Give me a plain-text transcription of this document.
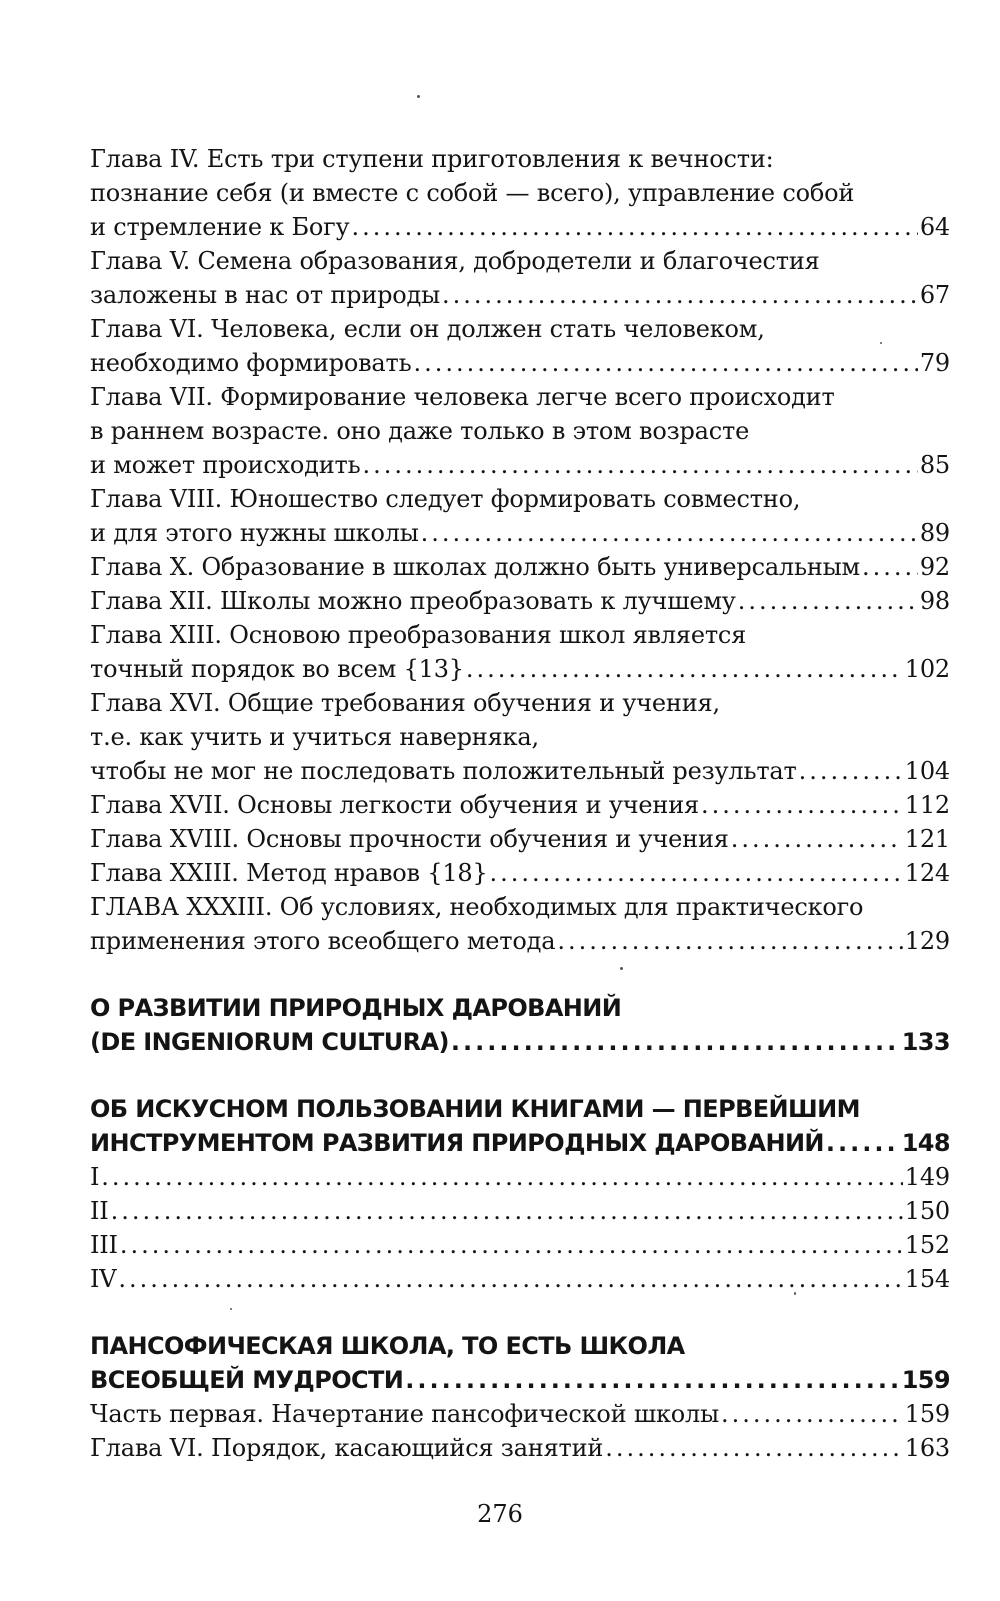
Глава IV. Есть три ступени приготовления к вечности:
познание себя (и вместе с собой — всего), управление собой
и стремление к Богу .....	64
Глава V. Семена образования, добродетели и благочестия
заложены в нас от природы .....	67
Глава VI. Человека, если он должен стать человеком,
необходимо формировать .....	79
Глава VII. Формирование человека легче всего происходит
в раннем возрасте. оно даже только в этом возрасте
и может происходить .....	85
Глава VIII. Юношество следует формировать совместно,
и для этого нужны школы .....	89
Глава X. Образование в школах должно быть универсальным ..... 92
Глава XII. Школы можно преобразовать к лучшему .....	98
Глава XIII. Основою преобразования школ является
точный порядок во всем {13} .....	102
Глава XVI. Общие требования обучения и учения,
т.е. как учить и учиться наверняка,
чтобы не мог не последовать положительный результат .....	104
Глава XVII. Основы легкости обучения и учения .....	112
Глава XVIII. Основы прочности обучения и учения .....	121
Глава XXIII. Метод нравов {18} .....	124
ГЛАВА XXXIII. Об условиях, необходимых для практического
применения этого всеобщего метода .....	129
О РАЗВИТИИ ПРИРОДНЫХ ДАРОВАНИЙ
(DE INGENIORUM CULTURA) .....	133
ОБ ИСКУСНОМ ПОЛЬЗОВАНИИ КНИГАМИ — ПЕРВЕЙШИМ
ИНСТРУМЕНТОМ РАЗВИТИЯ ПРИРОДНЫХ ДАРОВАНИЙ .....	148
I .....	149
II .....	150
III .....	152
IV .....	154
ПАНСОФИЧЕСКАЯ ШКОЛА, ТО ЕСТЬ ШКОЛА
ВСЕОБЩЕЙ МУДРОСТИ .....	159
Часть первая. Начертание пансофической школы .....	159
Глава VI. Порядок, касающийся занятий .....	163
276
